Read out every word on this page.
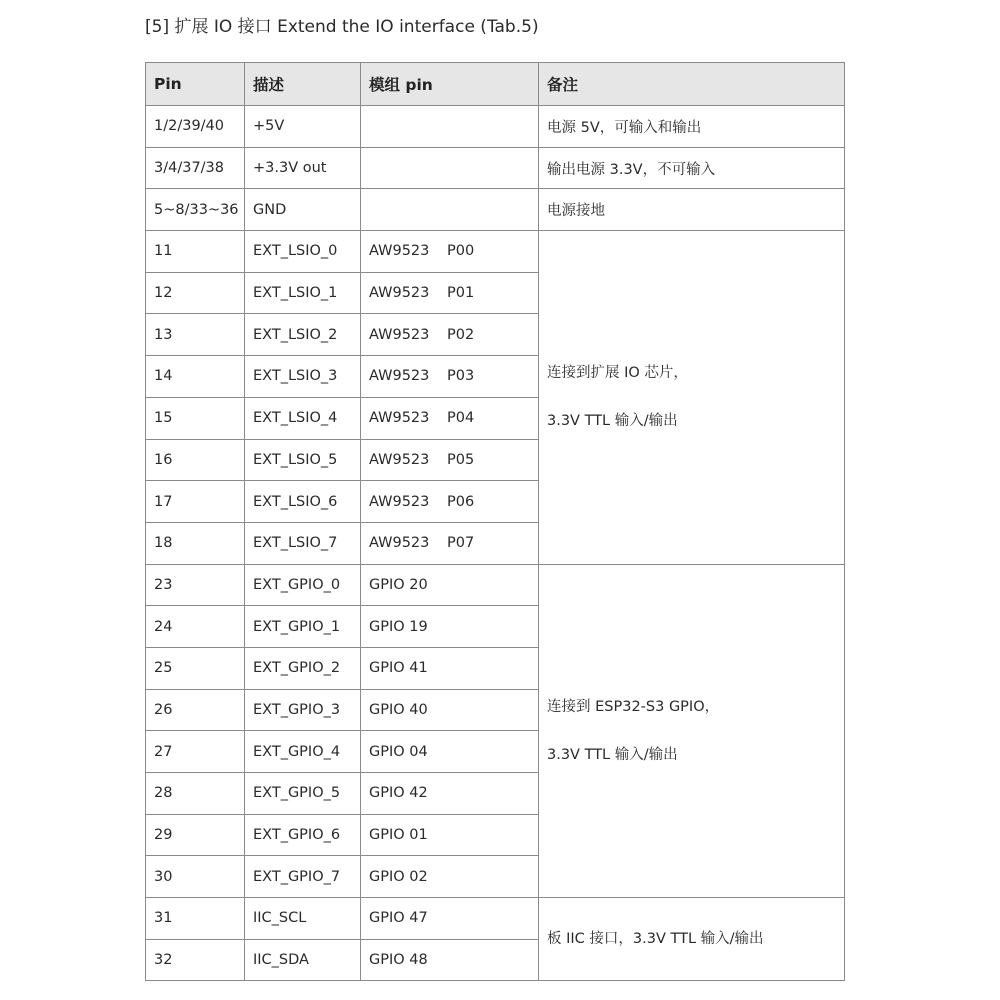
[5] 扩展 IO 接口 Extend the IO interface (Tab.5)
Pin	描述	模组 pin	备注
1/2/39/40	+5V		电源 5V，可输入和输出
3/4/37/38	+3.3V out		输出电源 3.3V，不可输入
5~8/33~36	GND		电源接地
11	EXT_LSIO_0	AW9523 P00	连接到扩展 IO 芯片，
3.3V TTL 输入/输出

12	EXT_LSIO_1	AW9523 P01	
13	EXT_LSIO_2	AW9523 P02	
14	EXT_LSIO_3	AW9523 P03	
15	EXT_LSIO_4	AW9523 P04	
16	EXT_LSIO_5	AW9523 P05	
17	EXT_LSIO_6	AW9523 P06	
18	EXT_LSIO_7	AW9523 P07	
23	EXT_GPIO_0	GPIO 20	连接到 ESP32-S3 GPIO，
3.3V TTL 输入/输出

24	EXT_GPIO_1	GPIO 19	
25	EXT_GPIO_2	GPIO 41	
26	EXT_GPIO_3	GPIO 40	
27	EXT_GPIO_4	GPIO 04	
28	EXT_GPIO_5	GPIO 42	
29	EXT_GPIO_6	GPIO 01	
30	EXT_GPIO_7	GPIO 02	
31	IIC_SCL	GPIO 47	板 IIC 接口，3.3V TTL 输入/输出

32	IIC_SDA	GPIO 48	
